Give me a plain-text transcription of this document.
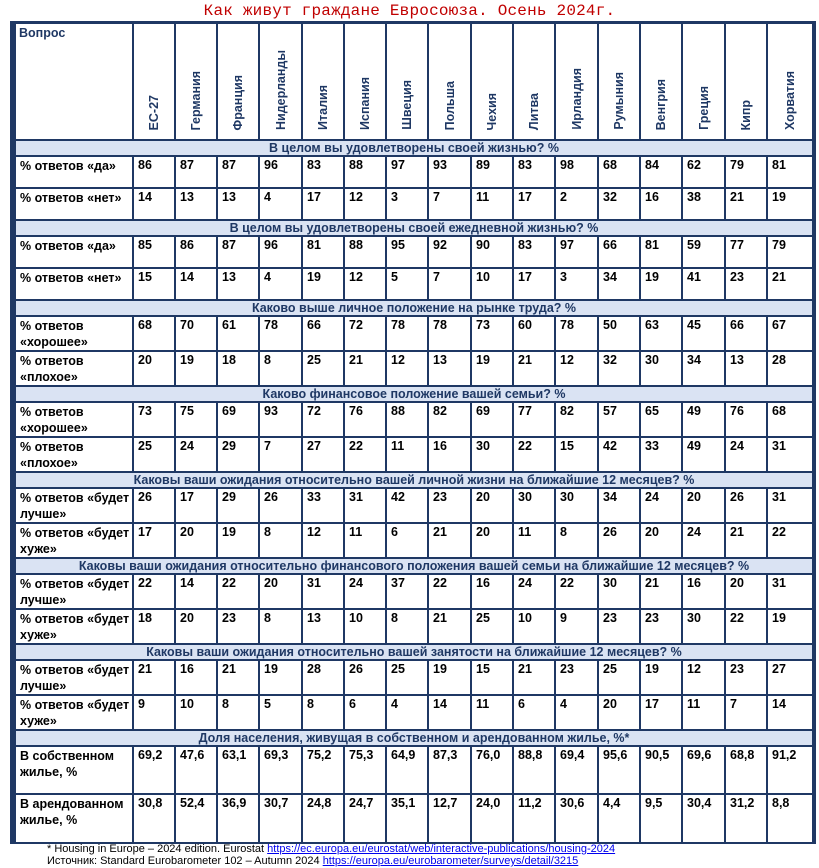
Как живут граждане Евросоюза. Осень 2024г.
Вопрос	ЕС-27	Германия	Франция	Нидерланды	Италия	Испания	Швеция	Польша	Чехия	Литва	Ирландия	Румыния	Венгрия	Греция	Кипр	Хорватия
В целом вы удовлетворены своей жизнью? %																
% ответов «да»	86	87	87	96	83	88	97	93	89	83	98	68	84	62	79	81
% ответов «нет»	14	13	13	4	17	12	3	7	11	17	2	32	16	38	21	19
В целом вы удовлетворены своей ежедневной жизнью? %																
% ответов «да»	85	86	87	96	81	88	95	92	90	83	97	66	81	59	77	79
% ответов «нет»	15	14	13	4	19	12	5	7	10	17	3	34	19	41	23	21
Каково выше личное положение на рынке труда? %																
% ответов «хорошее»	68	70	61	78	66	72	78	78	73	60	78	50	63	45	66	67
% ответов «плохое»	20	19	18	8	25	21	12	13	19	21	12	32	30	34	13	28
Каково финансовое положение вашей семьи? %																
% ответов «хорошее»	73	75	69	93	72	76	88	82	69	77	82	57	65	49	76	68
% ответов «плохое»	25	24	29	7	27	22	11	16	30	22	15	42	33	49	24	31
Каковы ваши ожидания относительно вашей личной жизни на ближайшие 12 месяцев? %																
% ответов «будет лучше»	26	17	29	26	33	31	42	23	20	30	30	34	24	20	26	31
% ответов «будет хуже»	17	20	19	8	12	11	6	21	20	11	8	26	20	24	21	22
Каковы ваши ожидания относительно финансового положения вашей семьи на ближайшие 12 месяцев? %																
% ответов «будет лучше»	22	14	22	20	31	24	37	22	16	24	22	30	21	16	20	31
% ответов «будет хуже»	18	20	23	8	13	10	8	21	25	10	9	23	23	30	22	19
Каковы ваши ожидания относительно вашей занятости на ближайшие 12 месяцев? %																
% ответов «будет лучше»	21	16	21	19	28	26	25	19	15	21	23	25	19	12	23	27
% ответов «будет хуже»	9	10	8	5	8	6	4	14	11	6	4	20	17	11	7	14
Доля населения, живущая в собственном и арендованном жилье, %*																
В собственном жилье, %	69,2	47,6	63,1	69,3	75,2	75,3	64,9	87,3	76,0	88,8	69,4	95,6	90,5	69,6	68,8	91,2
В арендованном жилье, %	30,8	52,4	36,9	30,7	24,8	24,7	35,1	12,7	24,0	11,2	30,6	4,4	9,5	30,4	31,2	8,8
* Housing in Europe – 2024 edition. Eurostat https://ec.europa.eu/eurostat/web/interactive-publications/housing-2024
Источник: Standard Eurobarometer 102 – Autumn 2024 https://europa.eu/eurobarometer/surveys/detail/3215
